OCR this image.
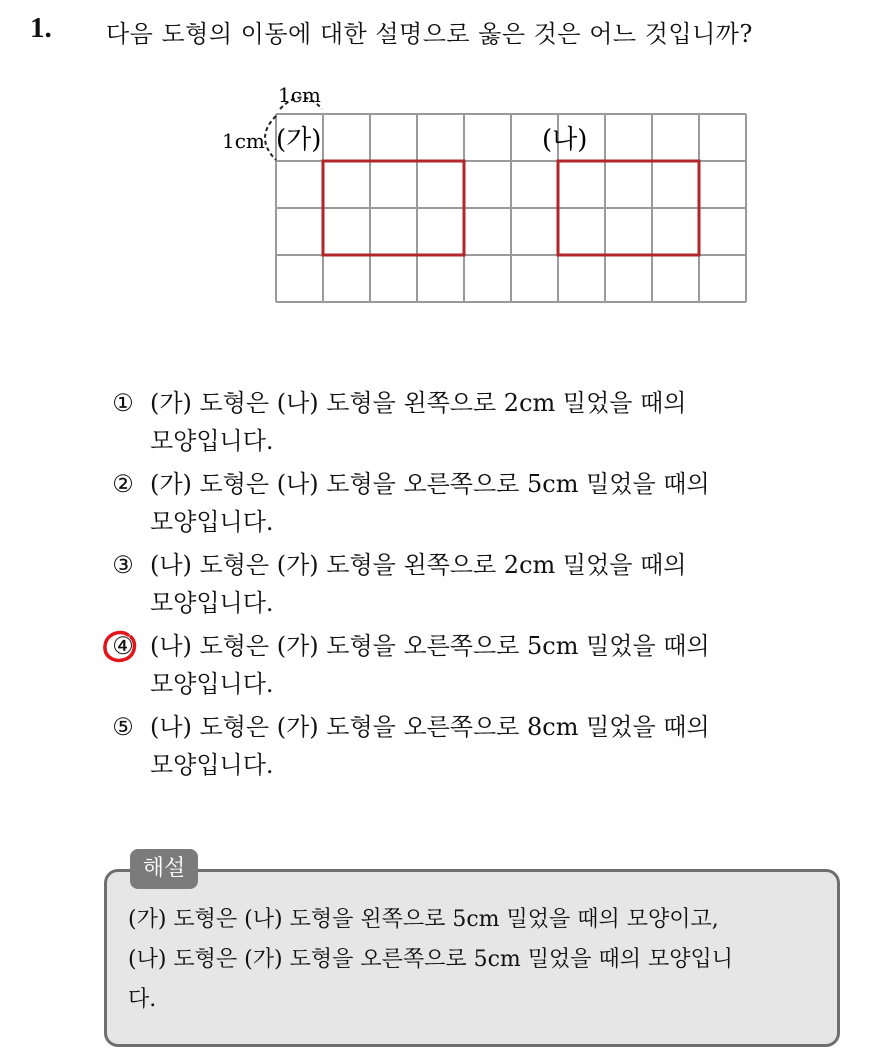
1. 다음 도형의 이동에 대한 설명으로 옳은 것은 어느 것입니까?
1cm
1cm (가)	(나)
① (가) 도형은 (나) 도형을 왼쪽으로 2cm 밀었을 때의
모양입니다.
② (가) 도형은 (나) 도형을 오른쪽으로 5cm 밀었을 때의
모양입니다.
③ (나) 도형은 (가) 도형을 왼쪽으로 2cm 밀었을 때의
모양입니다.
④ (나) 도형은 (가) 도형을 오른쪽으로 5cm 밀었을 때의
모양입니다.
⑤ (나) 도형은 (가) 도형을 오른쪽으로 8cm 밀었을 때의
모양입니다.
해설
(가) 도형은 (나) 도형을 왼쪽으로 5cm 밀었을 때의 모양이고,
(나) 도형은 (가) 도형을 오른쪽으로 5cm 밀었을 때의 모양입니
다.
